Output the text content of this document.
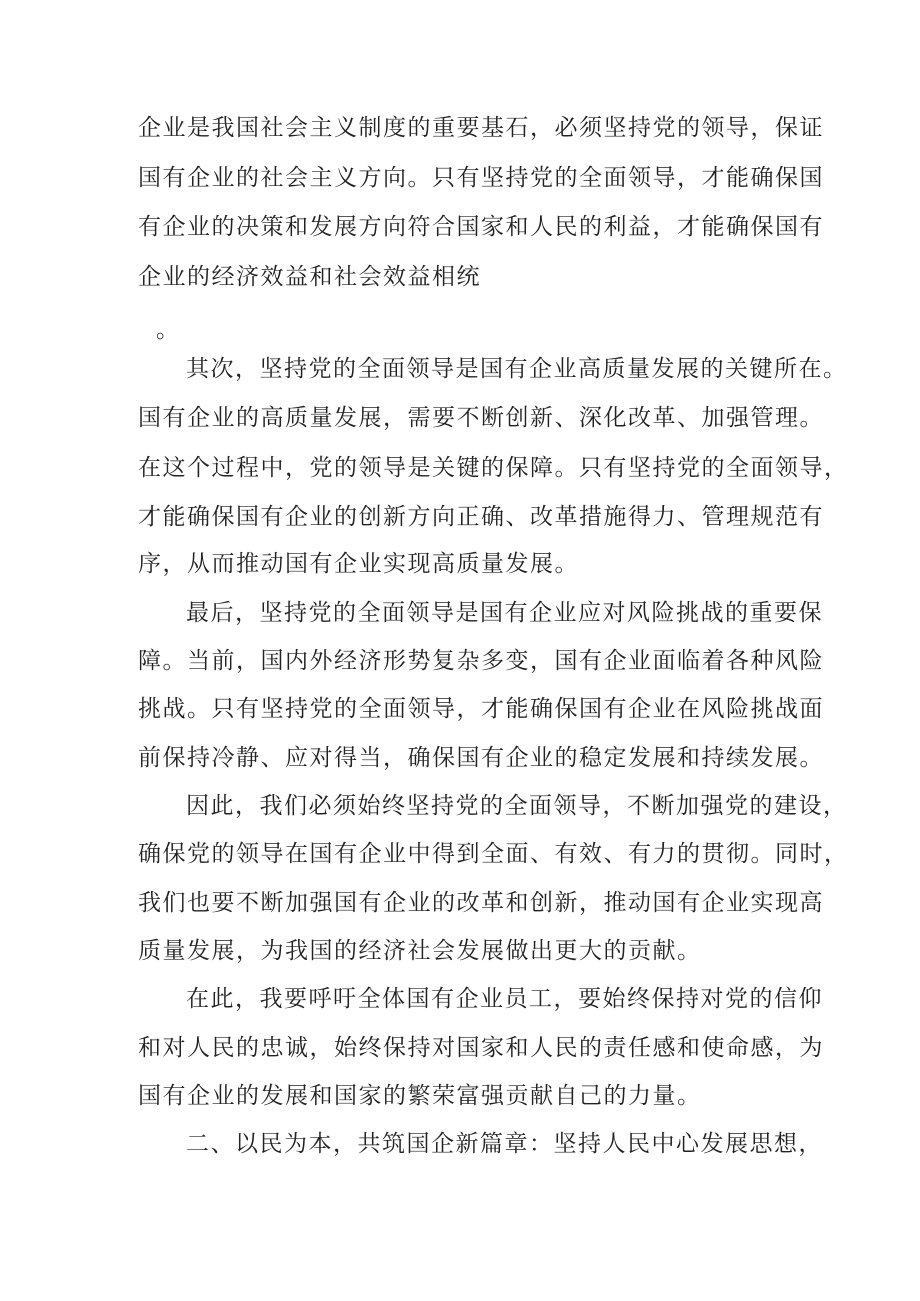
企业是我国社会主义制度的重要基石，必须坚持党的领导，保证

国有企业的社会主义方向。只有坚持党的全面领导，才能确保国

有企业的决策和发展方向符合国家和人民的利益，才能确保国有

企业的经济效益和社会效益相统

。

其次，坚持党的全面领导是国有企业高质量发展的关键所在。

国有企业的高质量发展，需要不断创新、深化改革、加强管理。

在这个过程中，党的领导是关键的保障。只有坚持党的全面领导，

才能确保国有企业的创新方向正确、改革措施得力、管理规范有

序，从而推动国有企业实现高质量发展。

最后，坚持党的全面领导是国有企业应对风险挑战的重要保

障。当前，国内外经济形势复杂多变，国有企业面临着各种风险

挑战。只有坚持党的全面领导，才能确保国有企业在风险挑战面

前保持冷静、应对得当，确保国有企业的稳定发展和持续发展。

因此，我们必须始终坚持党的全面领导，不断加强党的建设，

确保党的领导在国有企业中得到全面、有效、有力的贯彻。同时，

我们也要不断加强国有企业的改革和创新，推动国有企业实现高

质量发展，为我国的经济社会发展做出更大的贡献。

在此，我要呼吁全体国有企业员工，要始终保持对党的信仰

和对人民的忠诚，始终保持对国家和人民的责任感和使命感，为

国有企业的发展和国家的繁荣富强贡献自己的力量。

二、以民为本，共筑国企新篇章：坚持人民中心发展思想，
